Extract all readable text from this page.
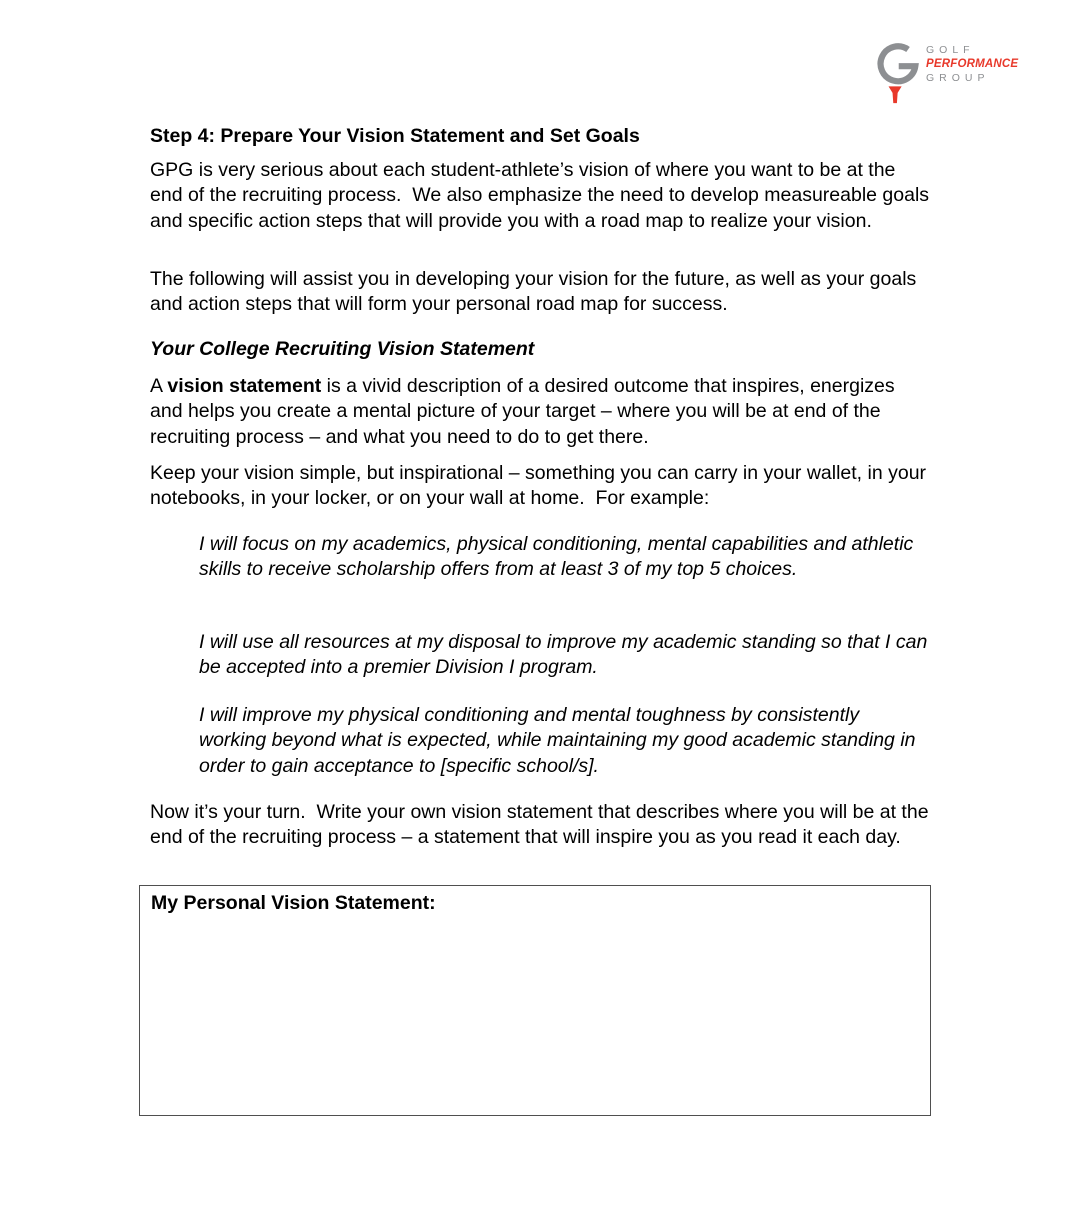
GOLF
PERFORMANCE
GROUP
Step 4: Prepare Your Vision Statement and Set Goals

GPG is very serious about each student-athlete’s vision of where you want to be at the end of the recruiting process.  We also emphasize the need to develop measureable goals and specific action steps that will provide you with a road map to realize your vision.

The following will assist you in developing your vision for the future, as well as your goals and action steps that will form your personal road map for success.

Your College Recruiting Vision Statement

A vision statement is a vivid description of a desired outcome that inspires, energizes and helps you create a mental picture of your target – where you will be at end of the recruiting process – and what you need to do to get there.

Keep your vision simple, but inspirational – something you can carry in your wallet, in your notebooks, in your locker, or on your wall at home.  For example:

I will focus on my academics, physical conditioning, mental capabilities and athletic skills to receive scholarship offers from at least 3 of my top 5 choices.

I will use all resources at my disposal to improve my academic standing so that I can be accepted into a premier Division I program.

I will improve my physical conditioning and mental toughness by consistently working beyond what is expected, while maintaining my good academic standing in order to gain acceptance to [specific school/s].

Now it’s your turn.  Write your own vision statement that describes where you will be at the end of the recruiting process – a statement that will inspire you as you read it each day.

My Personal Vision Statement:
